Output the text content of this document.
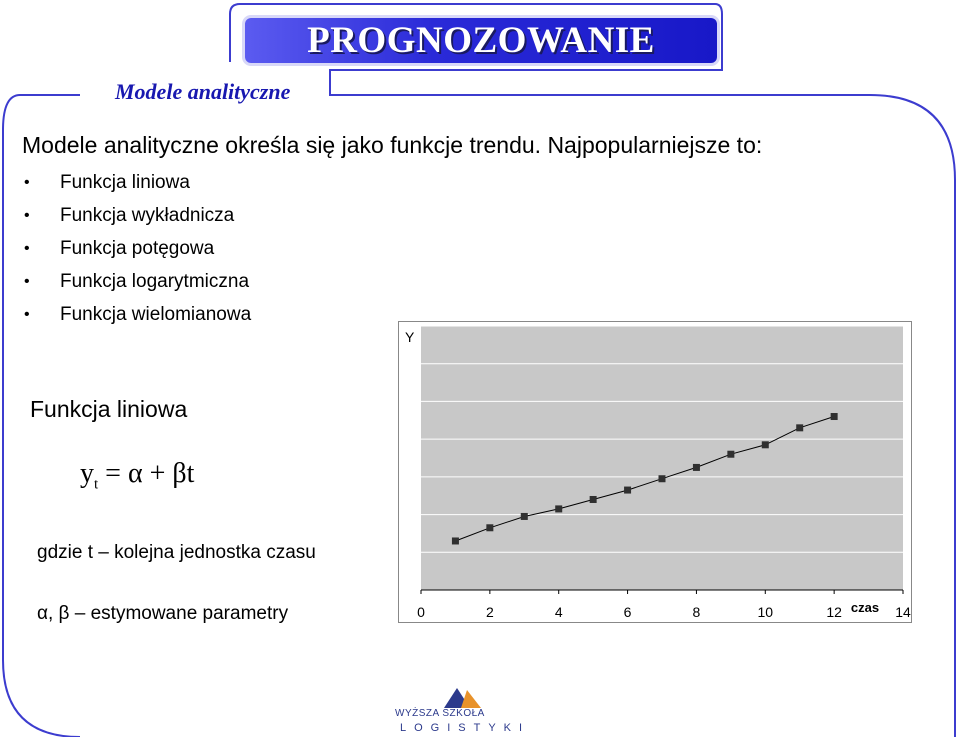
PROGNOZOWANIE
Modele analityczne
Modele analityczne określa się jako funkcje trendu. Najpopularniejsze to:
• Funkcja liniowa
• Funkcja wykładnicza
• Funkcja potęgowa
• Funkcja logarytmiczna
• Funkcja wielomianowa
Funkcja liniowa
$y_t = \alpha + \beta t$
gdzie t – kolejna jednostka czasu
α, β – estymowane parametry	0	2	4	6	8	10	12	14
Y
czas
WYŻSZA SZKOŁA
LOGISTYKI
